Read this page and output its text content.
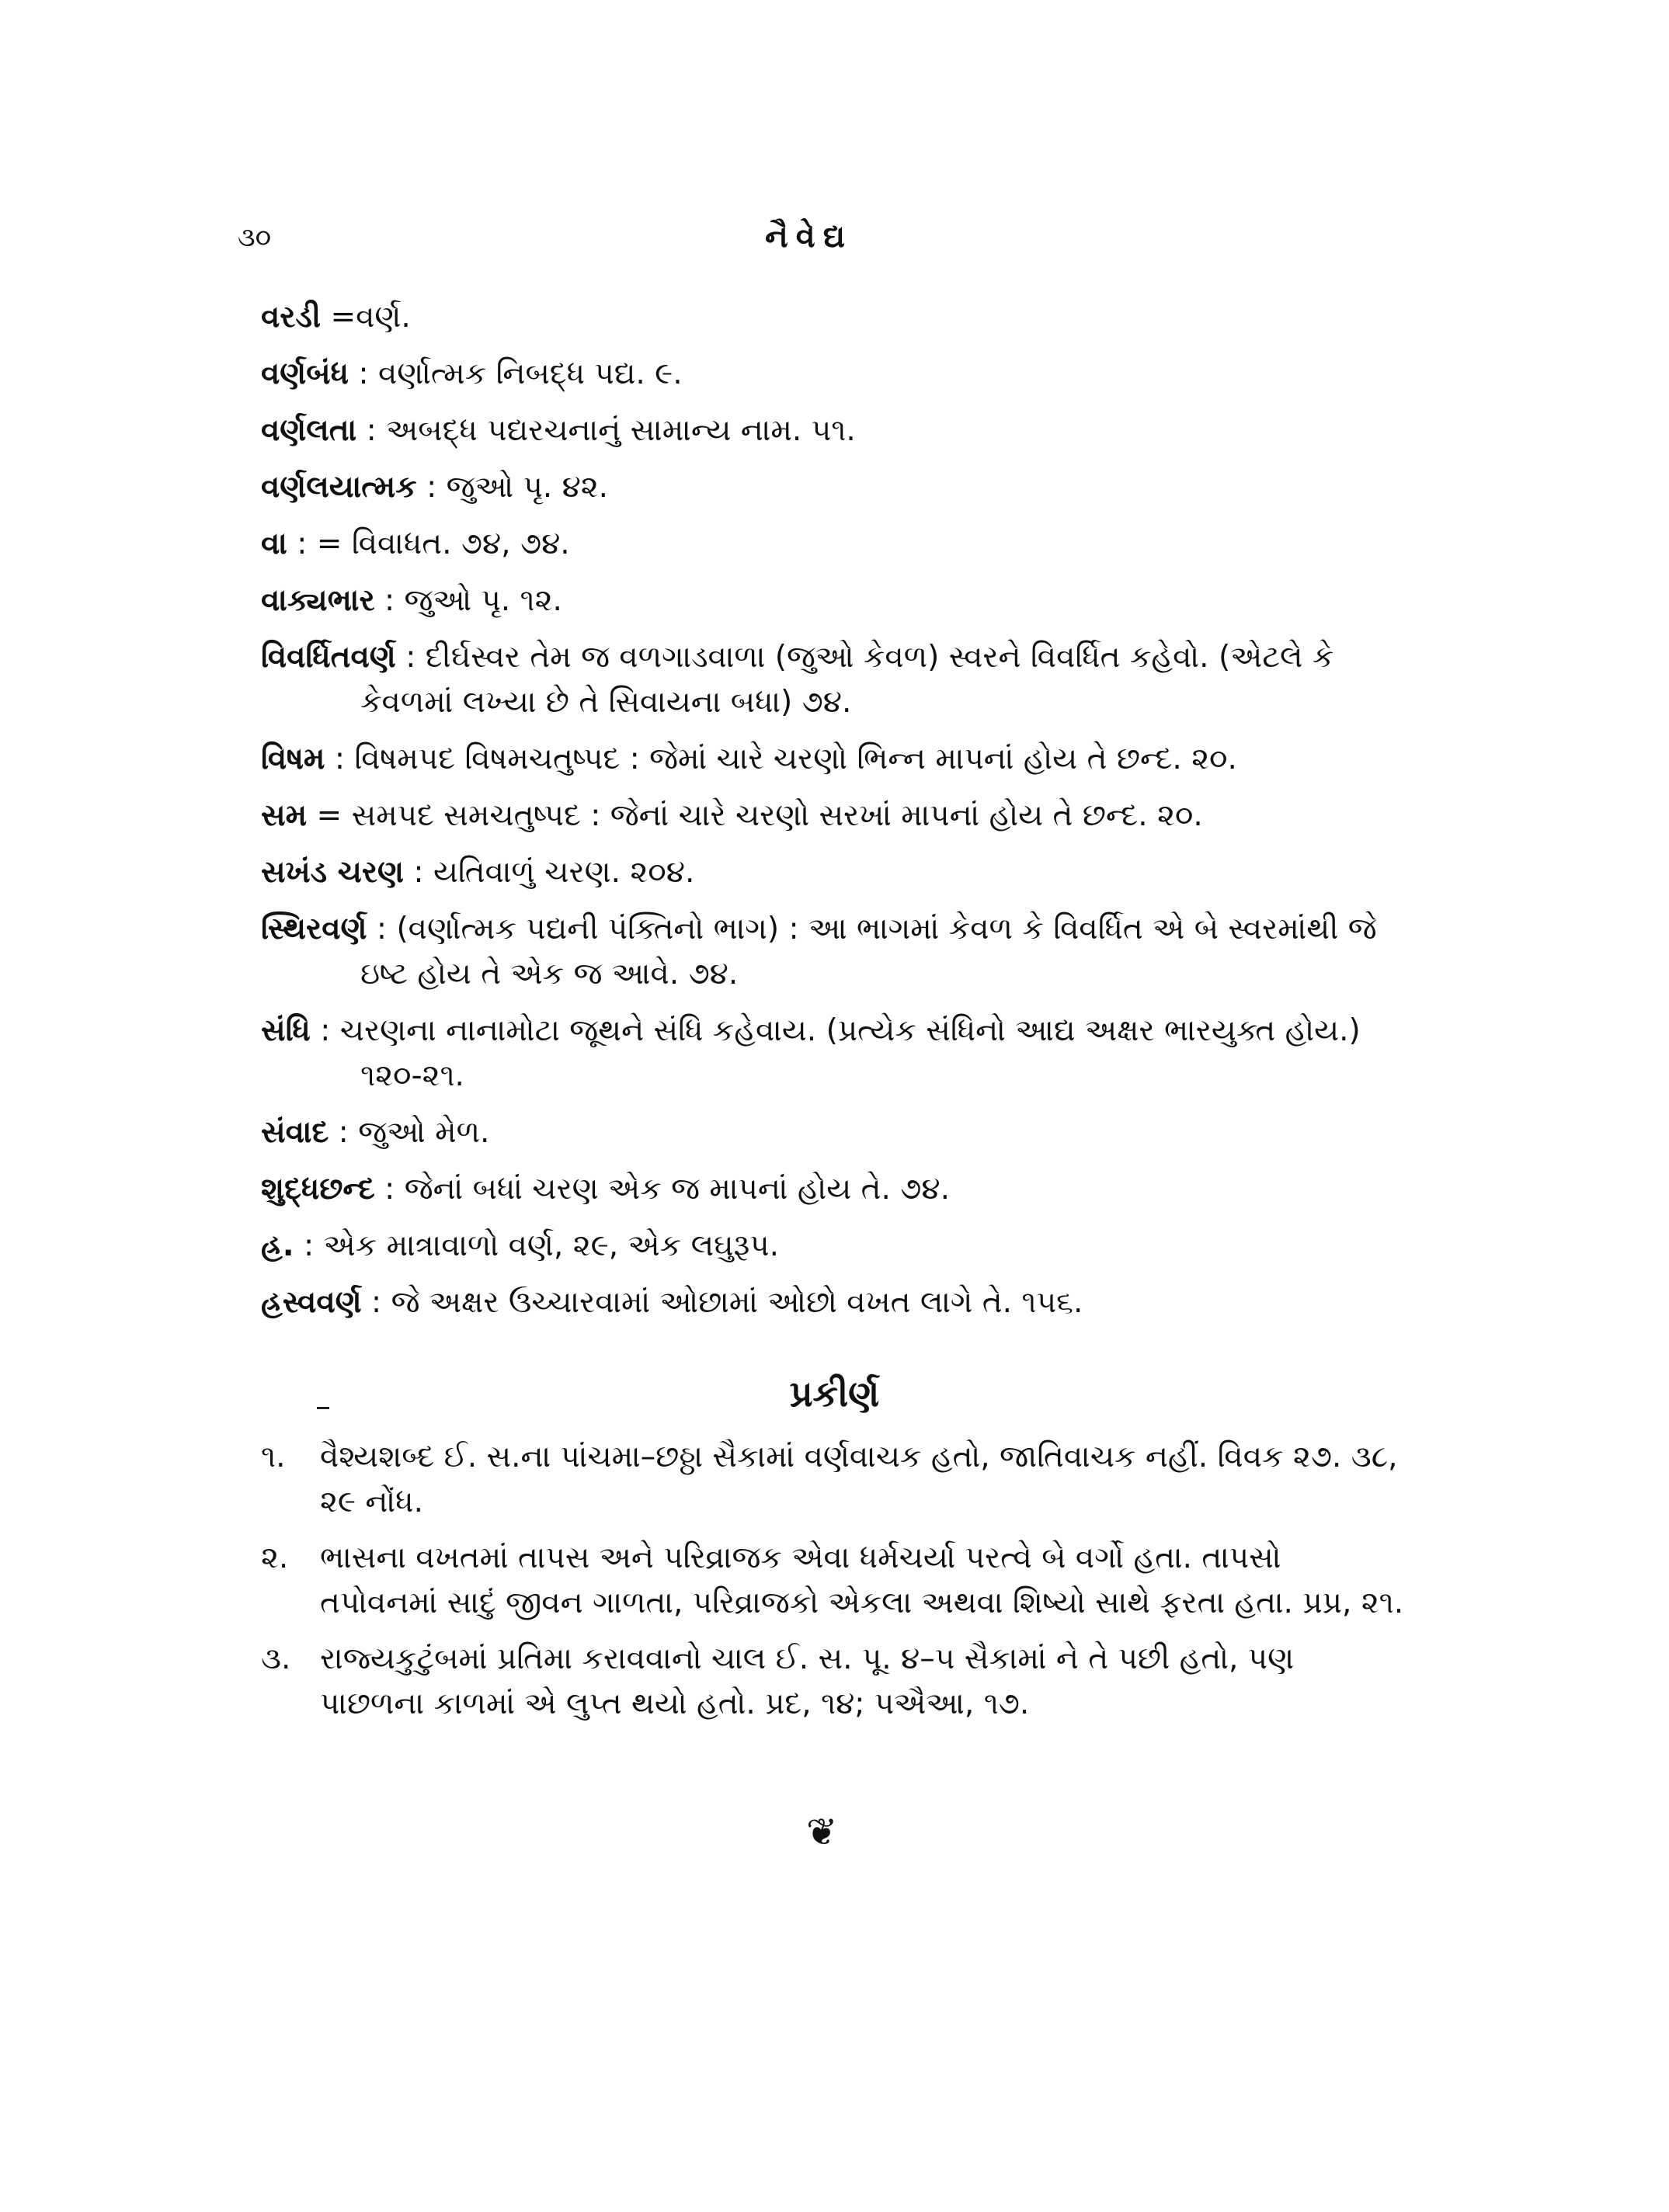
૩૦	નૈવેદ્ય
વરડી =વર્ણ.
વર્ણબંધ : વર્ણાત્મક નિબદ્ધ પદ્ય. ૯.
વર્ણલતા : અબદ્ધ પદ્યરચનાનું સામાન્ય નામ. ૫૧.
વર્ણલયાત્મક : જુઓ પૃ. ૪૨.
વા : = વિવાધત. ૭૪, ૭૪.
વાક્યભાર : જુઓ પૃ. ૧૨.
વિવર્ધિતવર્ણ : દીર્ઘસ્વર તેમ જ વળગાડવાળા (જુઓ કેવળ) સ્વરને વિવર્ધિત કહેવો. (એટલે કે કેવળમાં લખ્યા છે તે સિવાયના બધા) ૭૪.
વિષમ : વિષમપદ વિષમચતુષ્પદ : જેમાં ચારે ચરણો ભિન્ન માપનાં હોય તે છન્દ. ૨૦.
સમ = સમપદ સમચતુષ્પદ : જેનાં ચારે ચરણો સરખાં માપનાં હોય તે છન્દ. ૨૦.
સખંડ ચરણ : યતિવાળું ચરણ. ૨૦૪.
સ્થિરવર્ણ : (વર્ણાત્મક પદ્યની પંક્તિનો ભાગ) : આ ભાગમાં કેવળ કે વિવર્ધિત એ બે સ્વરમાંથી જે ઇષ્ટ હોય તે એક જ આવે. ૭૪.
સંધિ : ચરણના નાનામોટા જૂથને સંધિ કહેવાય. (પ્રત્યેક સંધિનો આદ્ય અક્ષર ભારયુક્ત હોય.) ૧૨૦-૨૧.
સંવાદ : જુઓ મેળ.
શુદ્ધછન્દ : જેનાં બધાં ચરણ એક જ માપનાં હોય તે. ૭૪.
હ્ર. : એક માત્રાવાળો વર્ણ, ૨૯, એક લઘુરૂપ.
હ્રસ્વવર્ણ : જે અક્ષર ઉચ્ચારવામાં ઓછામાં ઓછો વખત લાગે તે. ૧૫૬.
પ્રકીર્ણ
૧.	વૈશ્યશબ્દ ઈ. સ.ના પાંચમા–છઠ્ઠા સૈકામાં વર્ણવાચક હતો, જાતિવાચક નહીં. વિવક ૨૭. ૩૮, ૨૯ નોંધ.
૨.	ભાસના વખતમાં તાપસ અને પરિવ્રાજક એવા ધર્મચર્યા પરત્વે બે વર્ગો હતા. તાપસો તપોવનમાં સાદું જીવન ગાળતા, પરિવ્રાજકો એકલા અથવા શિષ્યો સાથે ફરતા હતા. પ્રપ્ર, ૨૧.
૩. રાજ્યકુટુંબમાં પ્રતિમા કરાવવાનો ચાલ ઈ. સ. પૂ. ૪–૫ સૈકામાં ને તે પછી હતો, પણ પાછળના કાળમાં એ લુપ્ત થયો હતો. પ્રદ, ૧૪; પઐઆ, ૧૭.
❦
